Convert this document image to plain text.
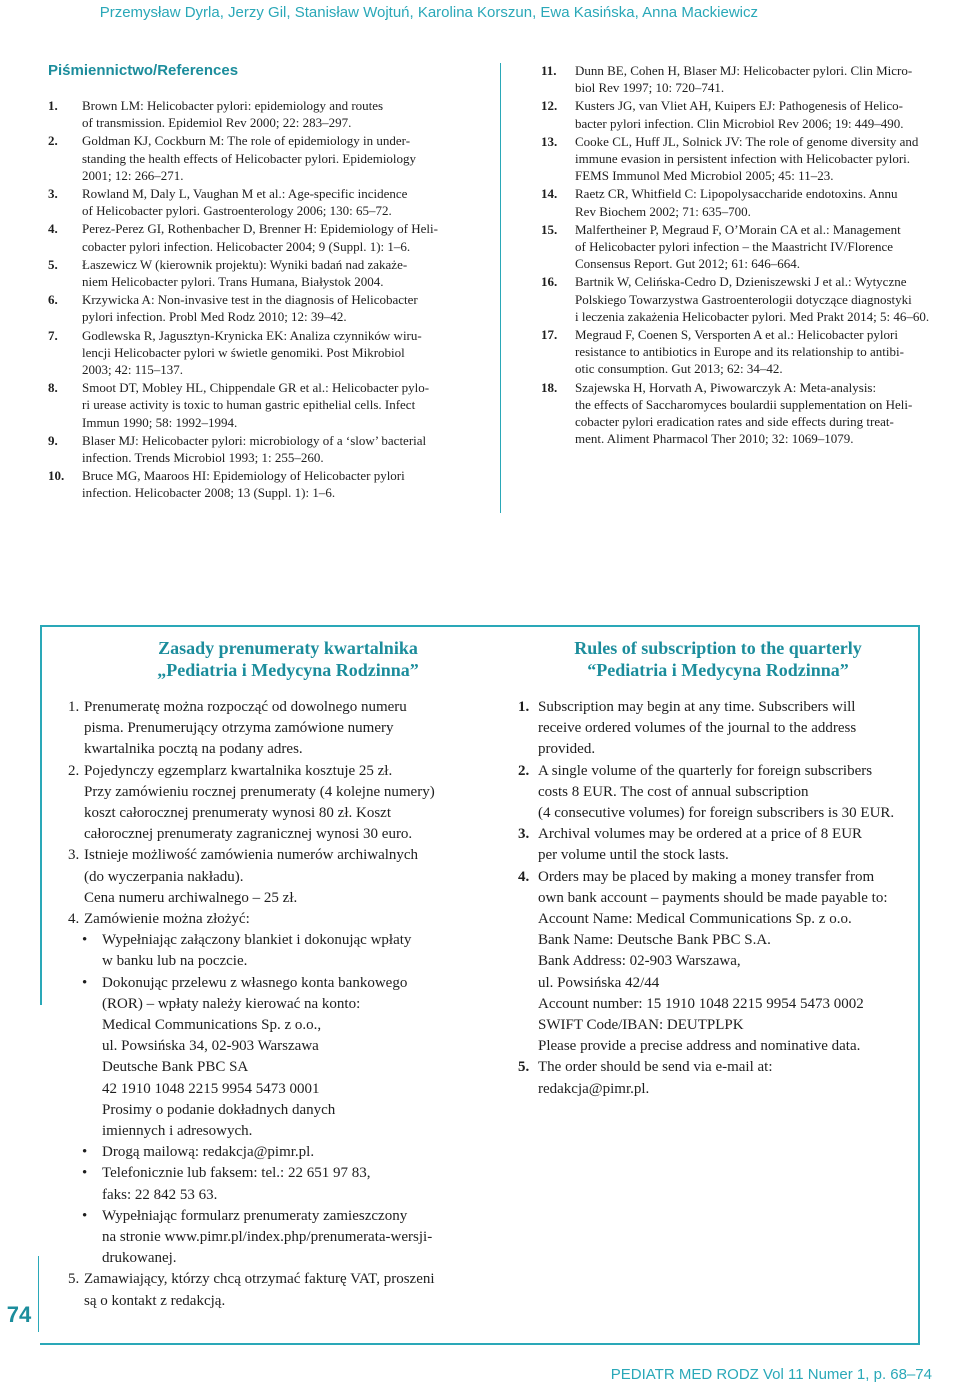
Przemysław Dyrla, Jerzy Gil, Stanisław Wojtuń, Karolina Korszun, Ewa Kasińska, Anna Mackiewicz
Piśmiennictwo/References
1. Brown LM: Helicobacter pylori: epidemiology and routes
of transmission. Epidemiol Rev 2000; 22: 283–297.
2. Goldman KJ, Cockburn M: The role of epidemiology in under-
standing the health effects of Helicobacter pylori. Epidemiology
2001; 12: 266–271.
3. Rowland M, Daly L, Vaughan M et al.: Age-specific incidence
of Helicobacter pylori. Gastroenterology 2006; 130: 65–72.
4. Perez-Perez GI, Rothenbacher D, Brenner H: Epidemiology of Heli-
cobacter pylori infection. Helicobacter 2004; 9 (Suppl. 1): 1–6.
5. Łaszewicz W (kierownik projektu): Wyniki badań nad zakaże-
niem Helicobacter pylori. Trans Humana, Białystok 2004.
6. Krzywicka A: Non-invasive test in the diagnosis of Helicobacter
pylori infection. Probl Med Rodz 2010; 12: 39–42.
7. Godlewska R, Jagusztyn-Krynicka EK: Analiza czynników wiru-
lencji Helicobacter pylori w świetle genomiki. Post Mikrobiol
2003; 42: 115–137.
8. Smoot DT, Mobley HL, Chippendale GR et al.: Helicobacter pylo-
ri urease activity is toxic to human gastric epithelial cells. Infect
Immun 1990; 58: 1992–1994.
9. Blaser MJ: Helicobacter pylori: microbiology of a ‘slow’ bacterial
infection. Trends Microbiol 1993; 1: 255–260.
10. Bruce MG, Maaroos HI: Epidemiology of Helicobacter pylori
infection. Helicobacter 2008; 13 (Suppl. 1): 1–6.
11. Dunn BE, Cohen H, Blaser MJ: Helicobacter pylori. Clin Micro-
biol Rev 1997; 10: 720–741.
12. Kusters JG, van Vliet AH, Kuipers EJ: Pathogenesis of Helico-
bacter pylori infection. Clin Microbiol Rev 2006; 19: 449–490.
13. Cooke CL, Huff JL, Solnick JV: The role of genome diversity and
immune evasion in persistent infection with Helicobacter pylori.
FEMS Immunol Med Microbiol 2005; 45: 11–23.
14. Raetz CR, Whitfield C: Lipopolysaccharide endotoxins. Annu
Rev Biochem 2002; 71: 635–700.
15. Malfertheiner P, Megraud F, O’Morain CA et al.: Management
of Helicobacter pylori infection – the Maastricht IV/Florence
Consensus Report. Gut 2012; 61: 646–664.
16. Bartnik W, Celińska-Cedro D, Dzieniszewski J et al.: Wytyczne
Polskiego Towarzystwa Gastroenterologii dotyczące diagnostyki
i leczenia zakażenia Helicobacter pylori. Med Prakt 2014; 5: 46–60.
17. Megraud F, Coenen S, Versporten A et al.: Helicobacter pylori
resistance to antibiotics in Europe and its relationship to antibi-
otic consumption. Gut 2013; 62: 34–42.
18. Szajewska H, Horvath A, Piwowarczyk A: Meta-analysis:
the effects of Saccharomyces boulardii supplementation on Heli-
cobacter pylori eradication rates and side effects during treat-
ment. Aliment Pharmacol Ther 2010; 32: 1069–1079.
Zasady prenumeraty kwartalnika
„Pediatria i Medycyna Rodzinna”
1. Prenumeratę można rozpocząć od dowolnego numeru
pisma. Prenumerujący otrzyma zamówione numery
kwartalnika pocztą na podany adres.
2. Pojedynczy egzemplarz kwartalnika kosztuje 25 zł.
Przy zamówieniu rocznej prenumeraty (4 kolejne numery)
koszt całorocznej prenumeraty wynosi 80 zł. Koszt
całorocznej prenumeraty zagranicznej wynosi 30 euro.
3. Istnieje możliwość zamówienia numerów archiwalnych
(do wyczerpania nakładu).
Cena numeru archiwalnego – 25 zł.
4. Zamówienie można złożyć:
• Wypełniając załączony blankiet i dokonując wpłaty
w banku lub na poczcie.
• Dokonując przelewu z własnego konta bankowego
(ROR) – wpłaty należy kierować na konto:
Medical Communications Sp. z o.o.,
ul. Powsińska 34, 02-903 Warszawa
Deutsche Bank PBC SA
42 1910 1048 2215 9954 5473 0001
Prosimy o podanie dokładnych danych
imiennych i adresowych.
• Drogą mailową: redakcja@pimr.pl.
• Telefonicznie lub faksem: tel.: 22 651 97 83,
faks: 22 842 53 63.
• Wypełniając formularz prenumeraty zamieszczony
na stronie www.pimr.pl/index.php/prenumerata-wersji-
drukowanej.
5. Zamawiający, którzy chcą otrzymać fakturę VAT, proszeni
są o kontakt z redakcją.
Rules of subscription to the quarterly
“Pediatria i Medycyna Rodzinna”
1. Subscription may begin at any time. Subscribers will
receive ordered volumes of the journal to the address
provided.
2. A single volume of the quarterly for foreign subscribers
costs 8 EUR. The cost of annual subscription
(4 consecutive volumes) for foreign subscribers is 30 EUR.
3. Archival volumes may be ordered at a price of 8 EUR
per volume until the stock lasts.
4. Orders may be placed by making a money transfer from
own bank account – payments should be made payable to:
Account Name: Medical Communications Sp. z o.o.
Bank Name: Deutsche Bank PBC S.A.
Bank Address: 02-903 Warszawa,
ul. Powsińska 42/44
Account number: 15 1910 1048 2215 9954 5473 0002
SWIFT Code/IBAN: DEUTPLPK
Please provide a precise address and nominative data.
5. The order should be send via e-mail at:
redakcja@pimr.pl.
74
PEDIATR MED RODZ Vol 11 Numer 1, p. 68–74
